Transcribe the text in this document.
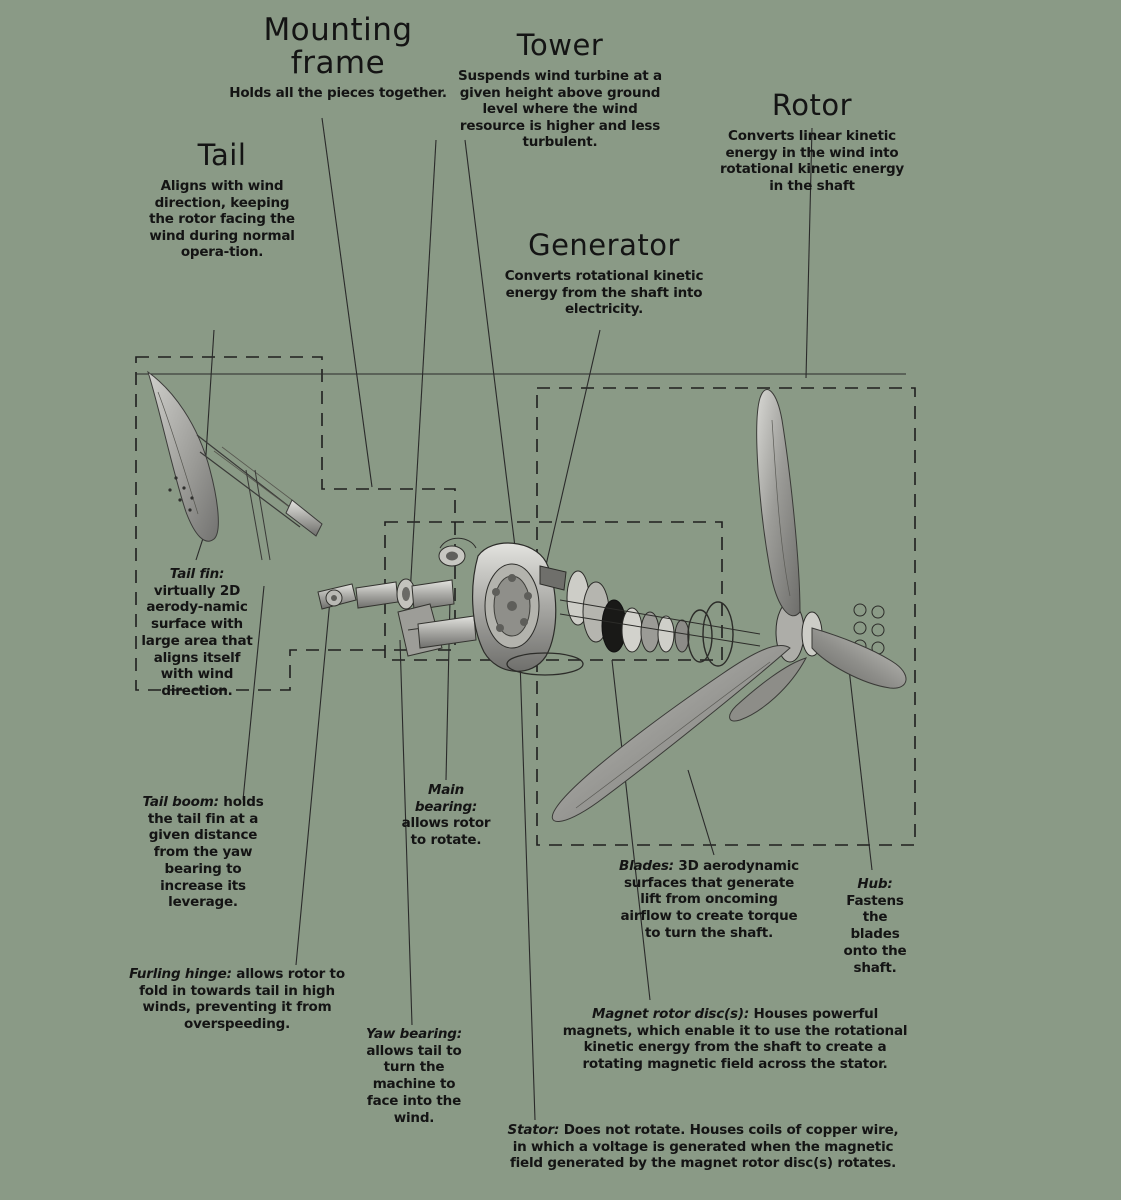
Mounting frame
Holds all the pieces together.
Tower
Suspends wind turbine at a given height above ground level where the wind resource is higher and less turbulent.
Rotor
Converts linear kinetic energy in the wind into rotational kinetic energy in the shaft
Tail
Aligns with wind direction, keeping the rotor facing the wind during normal opera-tion.	Generator
Converts rotational kinetic energy from the shaft into electricity.
Tail fin: virtually 2D aerody-namic surface with large area that aligns itself with wind direction.
Tail boom: holds the tail fin at a given distance from the yaw bearing to increase its leverage.
Furling hinge: allows rotor to fold in towards tail in high winds, preventing it from overspeeding.
Main bearing: allows rotor to rotate.
Yaw bearing: allows tail to turn the machine to face into the wind.
Blades: 3D aerodynamic surfaces that generate lift from oncoming airflow to create torque to turn the shaft.
Hub: Fastens the blades onto the shaft.
Magnet rotor disc(s): Houses powerful magnets, which enable it to use the rotational kinetic energy from the shaft to create a rotating magnetic field across the stator.
Stator: Does not rotate. Houses coils of copper wire, in which a voltage is generated when the magnetic field generated by the magnet rotor disc(s) rotates.
